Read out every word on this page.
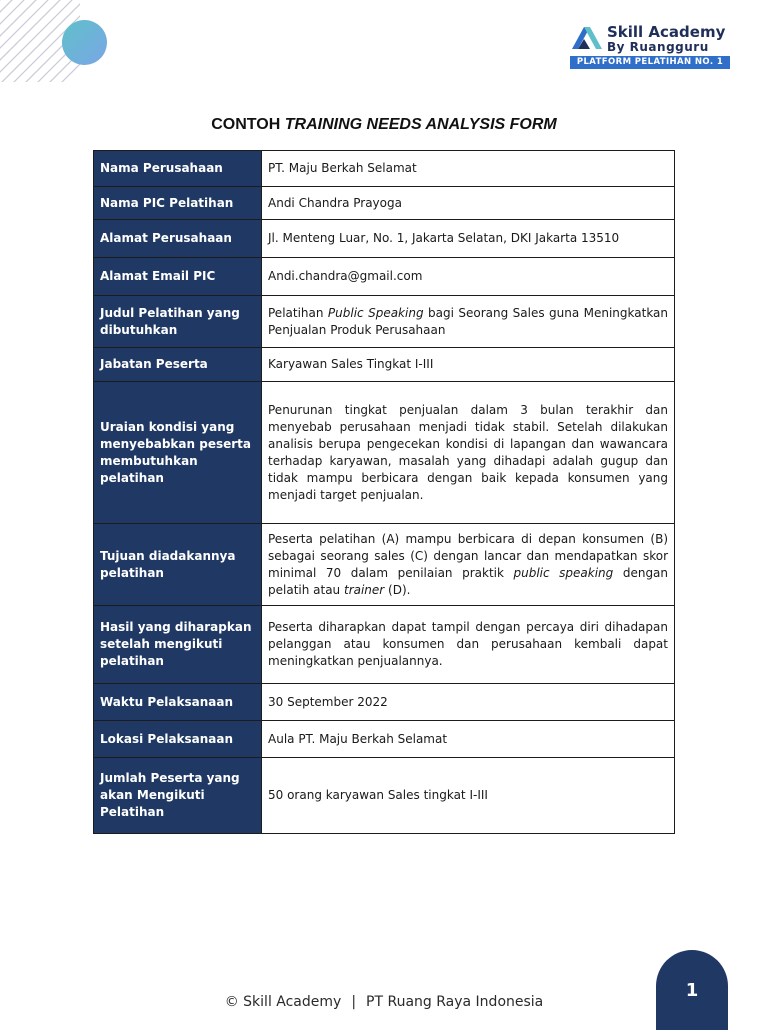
Skill Academy
By Ruangguru
PLATFORM PELATIHAN NO. 1
CONTOH TRAINING NEEDS ANALYSIS FORM
Nama Perusahaan	PT. Maju Berkah Selamat
Nama PIC Pelatihan	Andi Chandra Prayoga
Alamat Perusahaan	Jl. Menteng Luar, No. 1, Jakarta Selatan, DKI Jakarta 13510
Alamat Email PIC	Andi.chandra@gmail.com
Judul Pelatihan yang dibutuhkan	Pelatihan Public Speaking bagi Seorang Sales guna Meningkatkan Penjualan Produk Perusahaan
Jabatan Peserta	Karyawan Sales Tingkat I-III
Uraian kondisi yang menyebabkan peserta membutuhkan pelatihan	Penurunan tingkat penjualan dalam 3 bulan terakhir dan menyebab perusahaan menjadi tidak stabil. Setelah dilakukan analisis berupa pengecekan kondisi di lapangan dan wawancara terhadap karyawan, masalah yang dihadapi adalah gugup dan tidak mampu berbicara dengan baik kepada konsumen yang menjadi target penjualan.
Tujuan diadakannya pelatihan	Peserta pelatihan (A) mampu berbicara di depan konsumen (B) sebagai seorang sales (C) dengan lancar dan mendapatkan skor minimal 70 dalam penilaian praktik public speaking dengan pelatih atau trainer (D).
Hasil yang diharapkan setelah mengikuti pelatihan	Peserta diharapkan dapat tampil dengan percaya diri dihadapan pelanggan atau konsumen dan perusahaan kembali dapat meningkatkan penjualannya.
Waktu Pelaksanaan	30 September 2022
Lokasi Pelaksanaan	Aula PT. Maju Berkah Selamat
Jumlah Peserta yang akan Mengikuti Pelatihan	50 orang karyawan Sales tingkat I-III
© Skill Academy | PT Ruang Raya Indonesia
1
